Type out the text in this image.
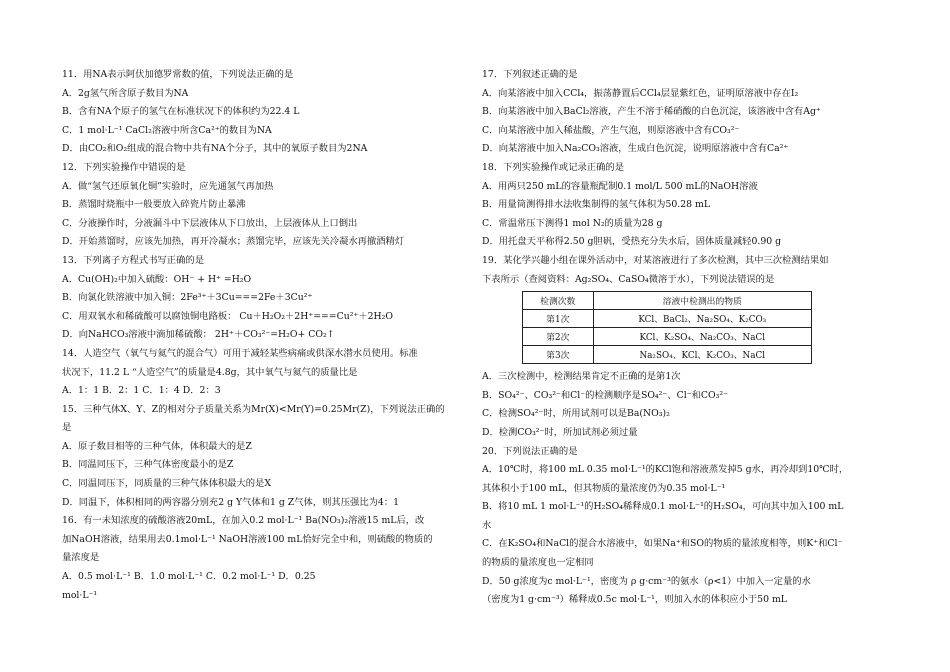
11．用NA表示阿伏加德罗常数的值，下列说法正确的是
A．2g氢气所含原子数目为NA
B．含有NA个原子的氢气在标准状况下的体积约为22.4 L
C．1 mol·L⁻¹ CaCl₂溶液中所含Ca²⁺的数目为NA
D．由CO₂和O₂组成的混合物中共有NA个分子，其中的氧原子数目为2NA
12．下列实验操作中错误的是
A．做“氢气还原氧化铜”实验时，应先通氢气再加热
B．蒸馏时烧瓶中一般要放入碎瓷片防止暴沸
C．分液操作时，分液漏斗中下层液体从下口放出，上层液体从上口倒出
D．开始蒸馏时，应该先加热，再开冷凝水；蒸馏完毕，应该先关冷凝水再撤酒精灯
13．下列离子方程式书写正确的是
A．Cu(OH)₂中加入硫酸：OH⁻ + H⁺ =H₂O
B．向氯化铁溶液中加入铜：2Fe³⁺＋3Cu===2Fe＋3Cu²⁺
C．用双氧水和稀硫酸可以腐蚀铜电路板： Cu＋H₂O₂＋2H⁺===Cu²⁺＋2H₂O
D．向NaHCO₃溶液中滴加稀硫酸： 2H⁺＋CO₃²⁻=H₂O+ CO₂↑
14．人造空气（氧气与氦气的混合气）可用于减轻某些病痛或供深水潜水员使用。标准
状况下，11.2 L “人造空气”的质量是4.8g，其中氧气与氦气的质量比是
A．1：1 B．2：1 C．1：4 D．2：3
15．三种气体X、Y、Z的相对分子质量关系为Mr(X)<Mr(Y)=0.25Mr(Z)，下列说法正确的
是
A．原子数目相等的三种气体，体积最大的是Z
B．同温同压下，三种气体密度最小的是Z
C．同温同压下，同质量的三种气体体积最大的是X
D．同温下，体积相同的两容器分别充2 g Y气体和1 g Z气体，则其压强比为4：1
16．有一未知浓度的硫酸溶液20mL，在加入0.2 mol·L⁻¹ Ba(NO₃)₂溶液15 mL后，改
加NaOH溶液，结果用去0.1mol·L⁻¹ NaOH溶液100 mL恰好完全中和，则硫酸的物质的
量浓度是
A．0.5 mol·L⁻¹ B．1.0 mol·L⁻¹ C．0.2 mol·L⁻¹ D．0.25
mol·L⁻¹
17．下列叙述正确的是
A．向某溶液中加入CCl₄，振荡静置后CCl₄层显紫红色，证明原溶液中存在I₂
B．向某溶液中加入BaCl₂溶液，产生不溶于稀硝酸的白色沉淀，该溶液中含有Ag⁺
C．向某溶液中加入稀盐酸，产生气泡，则原溶液中含有CO₃²⁻
D．向某溶液中加入Na₂CO₃溶液，生成白色沉淀，说明原溶液中含有Ca²⁺
18．下列实验操作或记录正确的是
A．用两只250 mL的容量瓶配制0.1 mol/L 500 mL的NaOH溶液
B．用量筒测得排水法收集制得的氢气体积为50.28 mL
C．常温常压下测得1 mol N₂的质量为28 g
D．用托盘天平称得2.50 g胆矾，受热充分失水后，固体质量减轻0.90 g
19．某化学兴趣小组在课外活动中，对某溶液进行了多次检测，其中三次检测结果如
下表所示（查阅资料：Ag₂SO₄、CaSO₄微溶于水），下列说法错误的是
检测次数	溶液中检测出的物质
第1次	KCl、BaCl₂、Na₂SO₄、K₂CO₃
第2次	KCl、K₂SO₄、Na₂CO₃、NaCl
第3次	Na₂SO₄、KCl、K₂CO₃、NaCl
A．三次检测中，检测结果肯定不正确的是第1次
B．SO₄²⁻、CO₃²⁻和Cl⁻的检测顺序是SO₄²⁻、Cl⁻和CO₃²⁻
C．检测SO₄²⁻时，所用试剂可以是Ba(NO₃)₂
D．检测CO₃²⁻时，所加试剂必须过量
20．下列说法正确的是
A．10℃时，将100 mL 0.35 mol·L⁻¹的KCl饱和溶液蒸发掉5 g水，再冷却到10℃时，
其体积小于100 mL，但其物质的量浓度仍为0.35 mol·L⁻¹
B．将10 mL 1 mol·L⁻¹的H₂SO₄稀释成0.1 mol·L⁻¹的H₂SO₄，可向其中加入100 mL
水
C．在K₂SO₄和NaCl的混合水溶液中，如果Na⁺和SO的物质的量浓度相等，则K⁺和Cl⁻
的物质的量浓度也一定相同
D．50 g浓度为c mol·L⁻¹，密度为 ρ g·cm⁻³的氨水（ρ<1）中加入一定量的水
（密度为1 g·cm⁻³）稀释成0.5c mol·L⁻¹，则加入水的体积应小于50 mL
